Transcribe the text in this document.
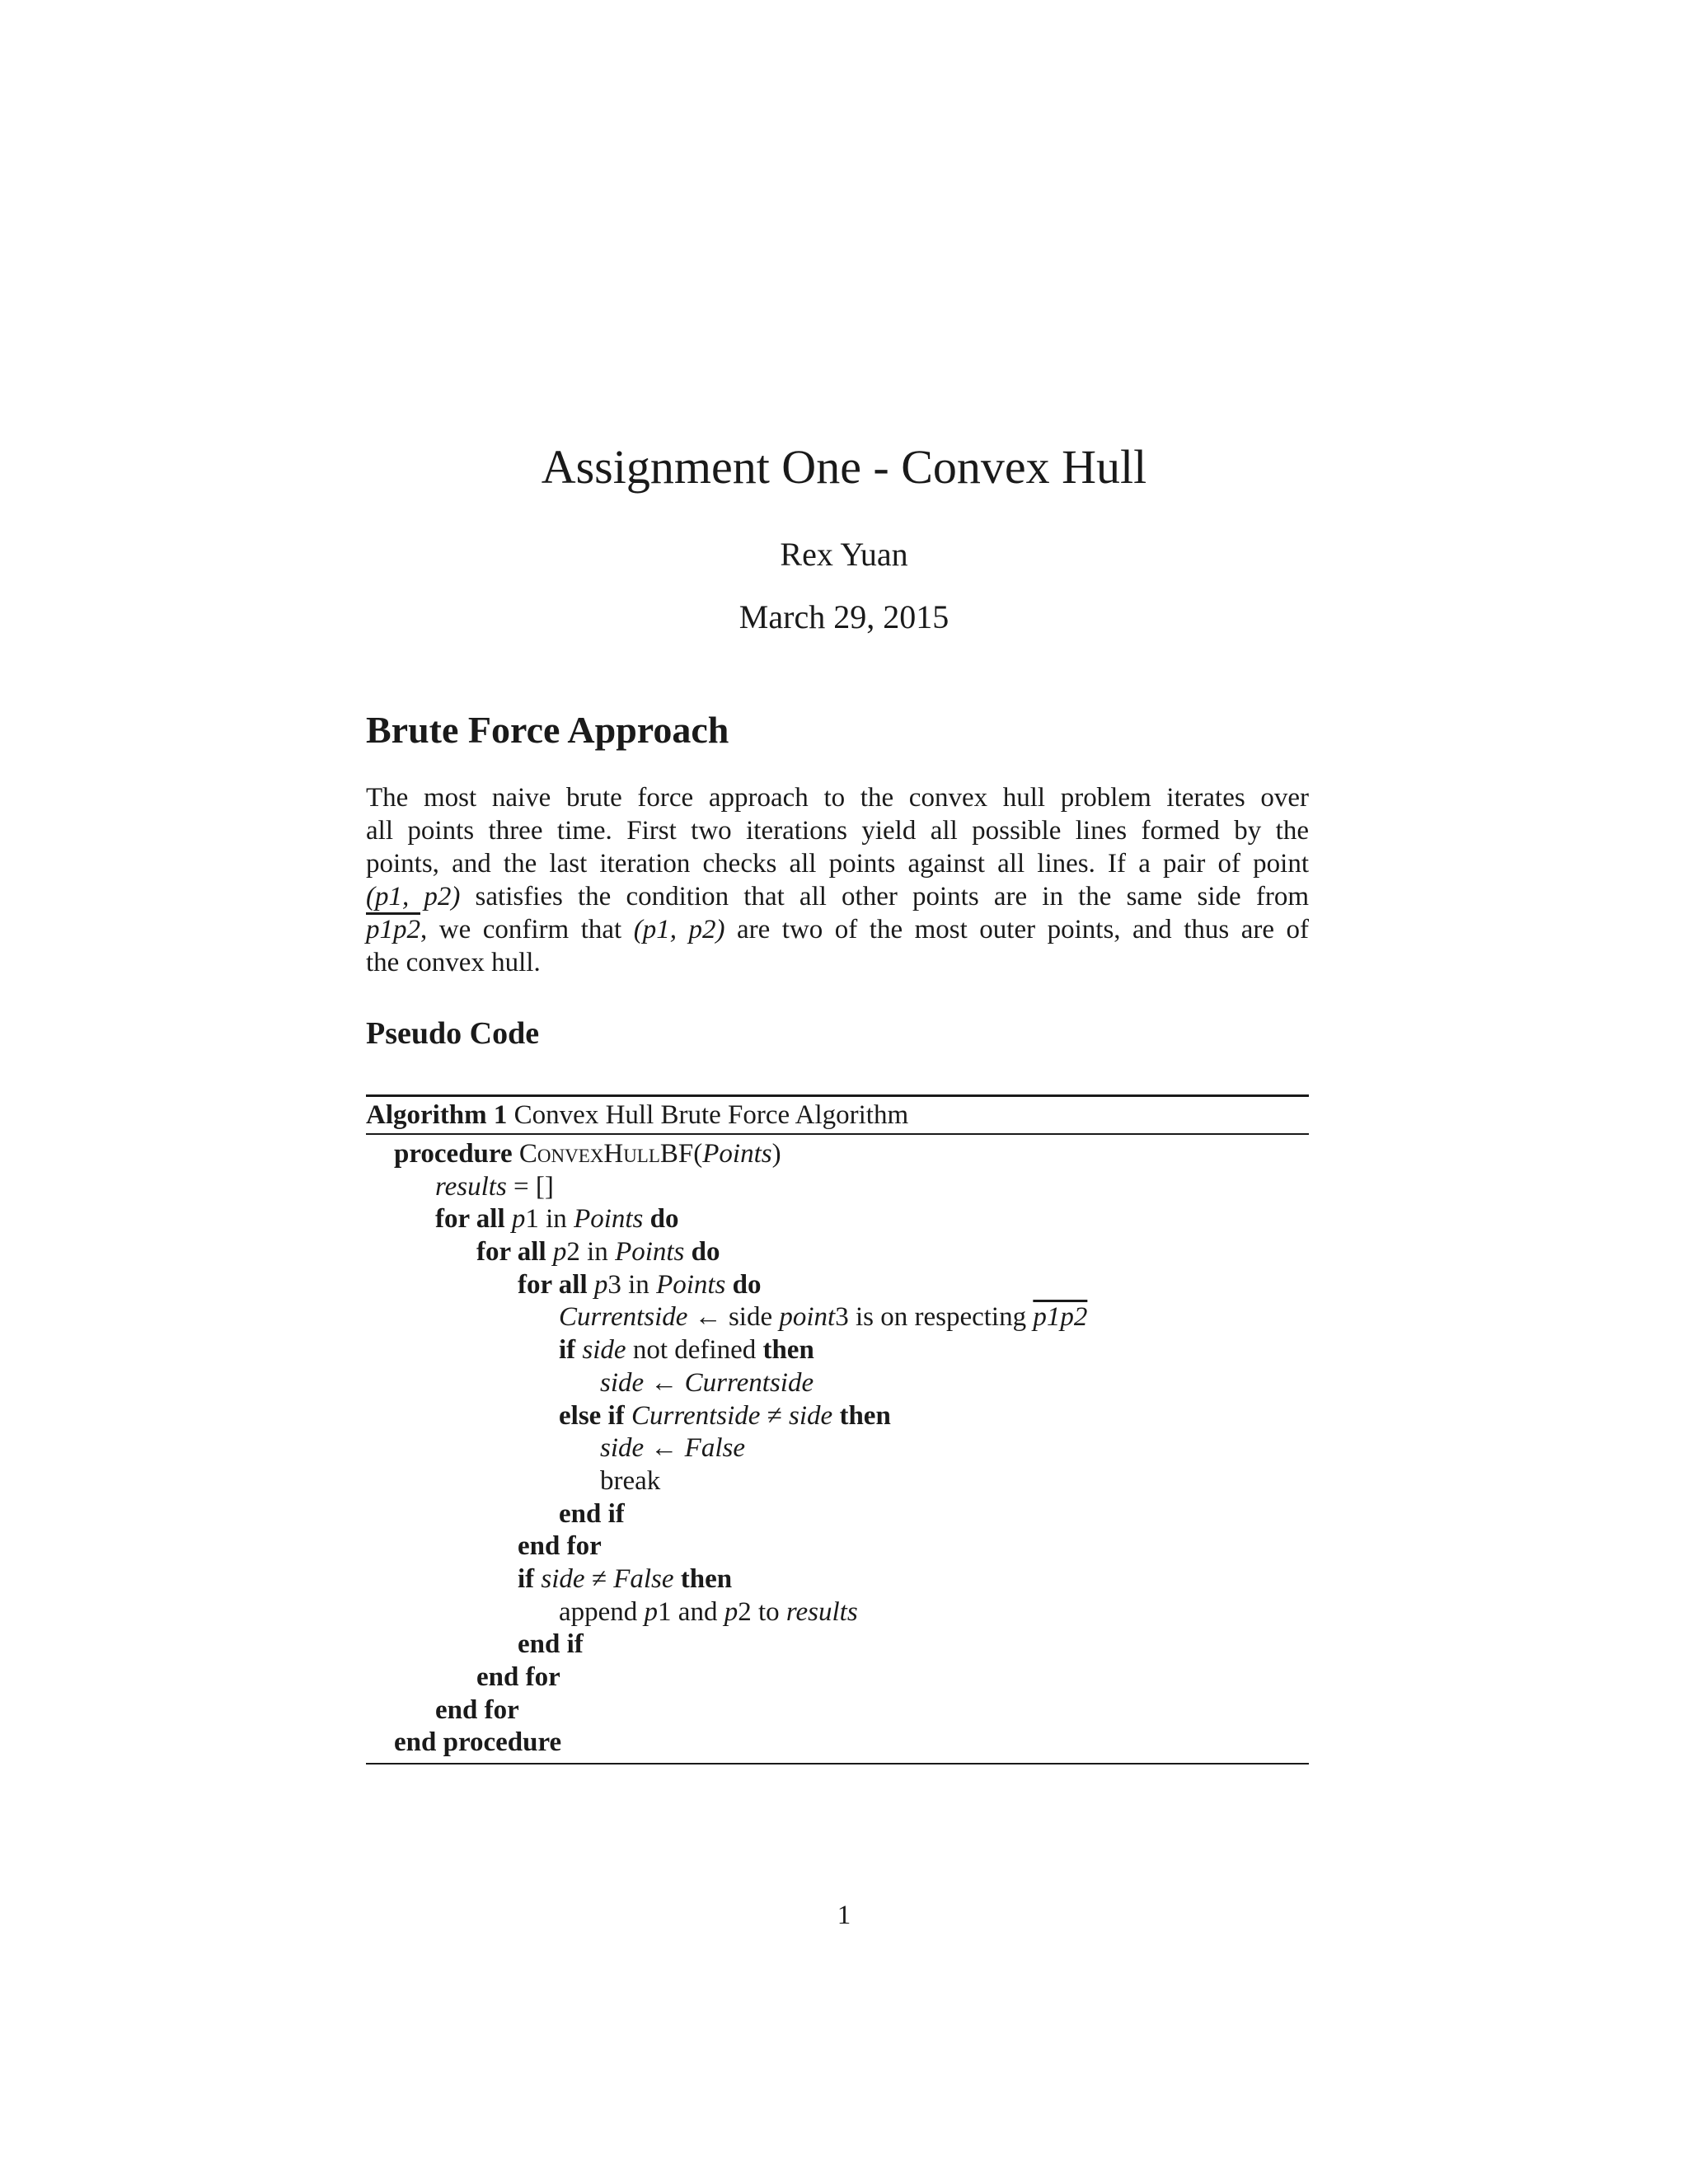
Assignment One - Convex Hull
Rex Yuan
March 29, 2015
Brute Force Approach
The most naive brute force approach to the convex hull problem iterates over
all points three time. First two iterations yield all possible lines formed by the
points, and the last iteration checks all points against all lines. If a pair of point
(p1, p2) satisfies the condition that all other points are in the same side from
p1p2, we confirm that (p1, p2) are two of the most outer points, and thus are of
the convex hull.
Pseudo Code
Algorithm 1 Convex Hull Brute Force Algorithm
procedure ConvexHullBF(Points)
results = []
for all p1 in Points do
for all p2 in Points do
for all p3 in Points do
Currentside ← side point3 is on respecting p1p2
if side not defined then
side ← Currentside
else if Currentside ≠ side then
side ← False
break
end if
end for
if side ≠ False then
append p1 and p2 to results
end if
end for
end for
end procedure
1
